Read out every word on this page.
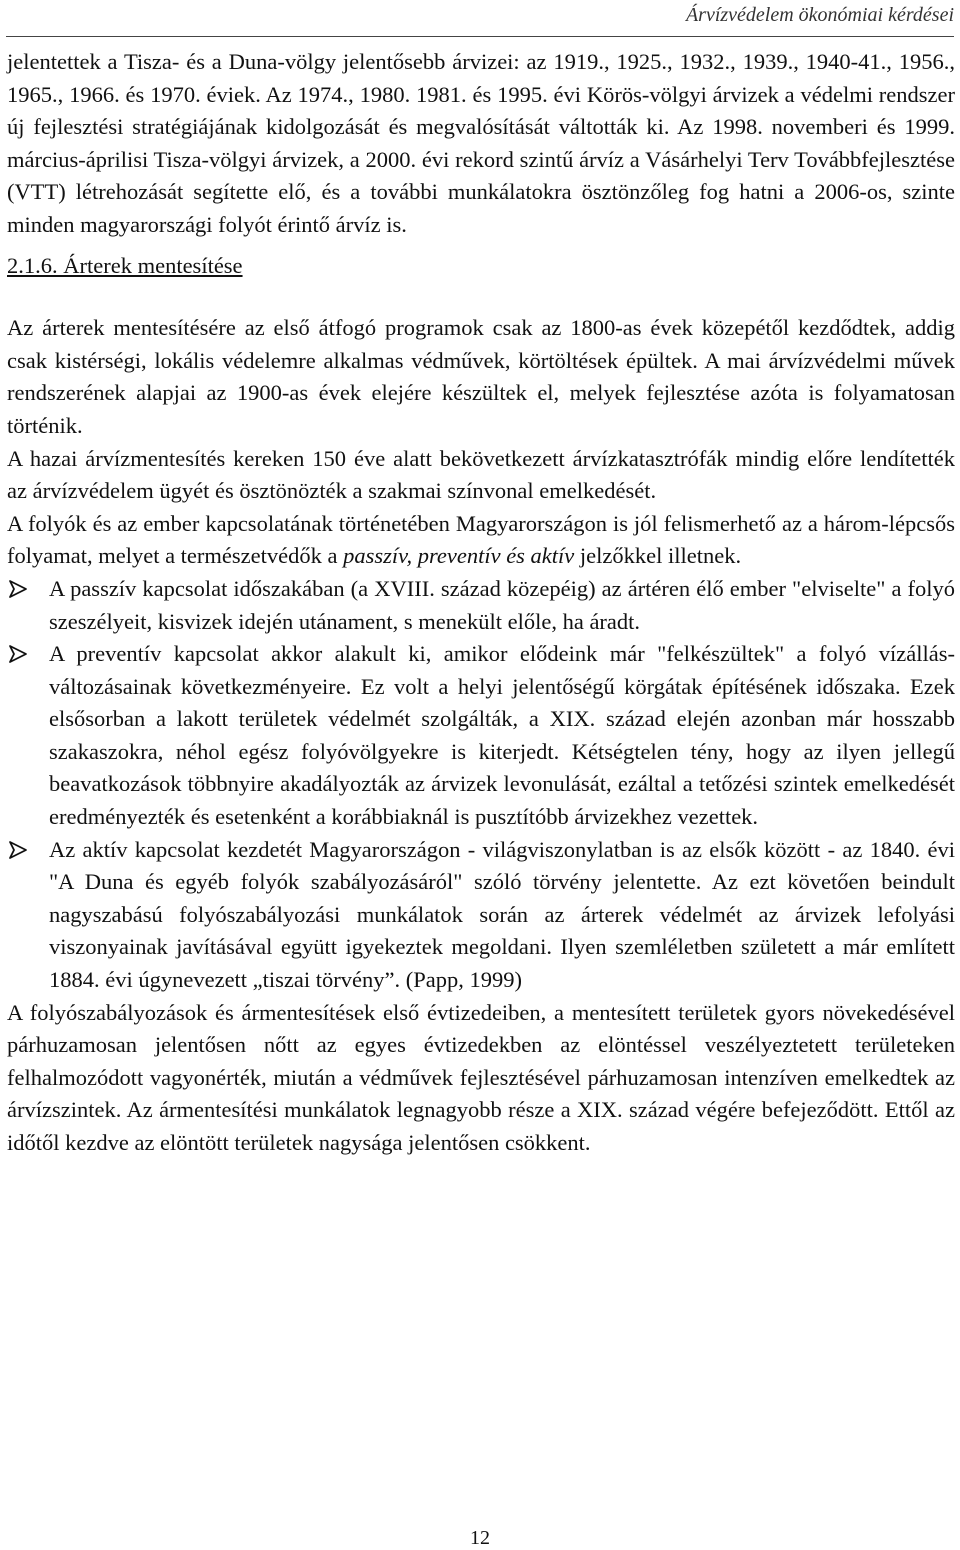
Árvízvédelem ökonómiai kérdései

jelentettek a Tisza- és a Duna-völgy jelentősebb árvizei: az 1919., 1925., 1932., 1939., 1940-41., 1956., 1965., 1966. és 1970. éviek. Az 1974., 1980. 1981. és 1995. évi Körös-völgyi árvizek a védelmi rendszer új fejlesztési stratégiájának kidolgozását és megvalósítását váltották ki. Az 1998. novemberi és 1999. március-áprilisi Tisza-völgyi árvizek, a 2000. évi rekord szintű árvíz a Vásárhelyi Terv Továbbfejlesztése (VTT) létrehozását segítette elő, és a további munkálatokra ösztönzőleg fog hatni a 2006-os, szinte minden magyarországi folyót érintő árvíz is.

2.1.6. Árterek mentesítése

Az árterek mentesítésére az első átfogó programok csak az 1800-as évek közepétől kezdődtek, addig csak kistérségi, lokális védelemre alkalmas védművek, körtöltések épültek. A mai árvízvédelmi művek rendszerének alapjai az 1900-as évek elejére készültek el, melyek fejlesztése azóta is folyamatosan történik.

A hazai árvízmentesítés kereken 150 éve alatt bekövetkezett árvízkatasztrófák mindig előre lendítették az árvízvédelem ügyét és ösztönözték a szakmai színvonal emelkedését.

A folyók és az ember kapcsolatának történetében Magyarországon is jól felismerhető az a három-lépcsős folyamat, melyet a természetvédők a passzív, preventív és aktív jelzőkkel illetnek.

A passzív kapcsolat időszakában (a XVIII. század közepéig) az ártéren élő ember "elviselte" a folyó szeszélyeit, kisvizek idején utánament, s menekült előle, ha áradt.
A preventív kapcsolat akkor alakult ki, amikor elődeink már "felkészültek" a folyó vízállás-változásainak következményeire. Ez volt a helyi jelentőségű körgátak építésének időszaka. Ezek elsősorban a lakott területek védelmét szolgálták, a XIX. század elején azonban már hosszabb szakaszokra, néhol egész folyóvölgyekre is kiterjedt. Kétségtelen tény, hogy az ilyen jellegű beavatkozások többnyire akadályozták az árvizek levonulását, ezáltal a tetőzési szintek emelkedését eredményezték és esetenként a korábbiaknál is pusztítóbb árvizekhez vezettek.
Az aktív kapcsolat kezdetét Magyarországon - világviszonylatban is az elsők között - az 1840. évi "A Duna és egyéb folyók szabályozásáról" szóló törvény jelentette. Az ezt követően beindult nagyszabású folyószabályozási munkálatok során az árterek védelmét az árvizek lefolyási viszonyainak javításával együtt igyekeztek megoldani. Ilyen szemléletben született a már említett 1884. évi úgynevezett „tiszai törvény”. (Papp, 1999)

A folyószabályozások és ármentesítések első évtizedeiben, a mentesített területek gyors növekedésével párhuzamosan jelentősen nőtt az egyes évtizedekben az elöntéssel veszélyeztetett területeken felhalmozódott vagyonérték, miután a védművek fejlesztésével párhuzamosan intenzíven emelkedtek az árvízszintek. Az ármentesítési munkálatok legnagyobb része a XIX. század végére befejeződött. Ettől az időtől kezdve az elöntött területek nagysága jelentősen csökkent.

12
